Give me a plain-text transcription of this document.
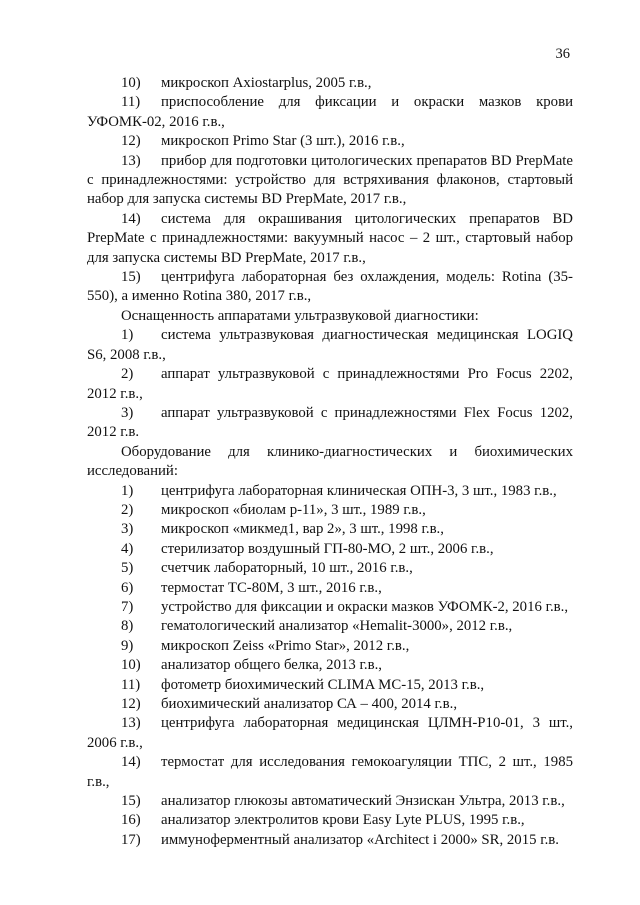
36
10)	микроскоп Axiostarplus, 2005 г.в.,
11) приспособление для фиксации и окраски мазков крови УФОМК-02, 2016 г.в.,
12)	микроскоп Primo Star (3 шт.), 2016 г.в.,
13) прибор для подготовки цитологических препаратов BD PrepMate с принадлежностями: устройство для встряхивания флаконов, стартовый набор для запуска системы BD PrepMate, 2017 г.в.,
14) система для окрашивания цитологических препаратов BD PrepMate с принадлежностями: вакуумный насос – 2 шт., стартовый набор для запуска системы BD PrepMate, 2017 г.в.,
15) центрифуга лабораторная без охлаждения, модель: Rotina (35-550), а именно Rotina 380, 2017 г.в.,
Оснащенность аппаратами ультразвуковой диагностики:
1) система ультразвуковая диагностическая медицинская LOGIQ S6, 2008 г.в.,
2) аппарат ультразвуковой с принадлежностями Pro Focus 2202, 2012 г.в.,
3) аппарат ультразвуковой с принадлежностями Flex Focus 1202, 2012 г.в.
Оборудование для клинико-диагностических и биохимических исследований:
1)	центрифуга лабораторная клиническая ОПН-3, 3 шт., 1983 г.в.,
2)	микроскоп «биолам р-11», 3 шт., 1989 г.в.,
3)	микроскоп «микмед1, вар 2», 3 шт., 1998 г.в.,
4)	стерилизатор воздушный ГП-80-МО, 2 шт., 2006 г.в.,
5)	счетчик лабораторный, 10 шт., 2016 г.в.,
6)	термостат ТС-80М, 3 шт., 2016 г.в.,
7) устройство для фиксации и окраски мазков УФОМК-2, 2016 г.в.,
8)	гематологический анализатор «Hemalit-3000», 2012 г.в.,
9)	микроскоп Zeiss «Primo Star», 2012 г.в.,
10)	анализатор общего белка, 2013 г.в.,
11)	фотометр биохимический CLIMA MC-15, 2013 г.в.,
12)	биохимический анализатор СА – 400, 2014 г.в.,
13) центрифуга лабораторная медицинская ЦЛМН-Р10-01, 3 шт., 2006 г.в.,
14) термостат для исследования гемокоагуляции ТПС, 2 шт., 1985 г.в.,
15) анализатор глюкозы автоматический Энзискан Ультра, 2013 г.в.,
16)	анализатор электролитов крови Easy Lyte PLUS, 1995 г.в.,
17)	иммуноферментный анализатор «Architect i 2000» SR, 2015 г.в.
